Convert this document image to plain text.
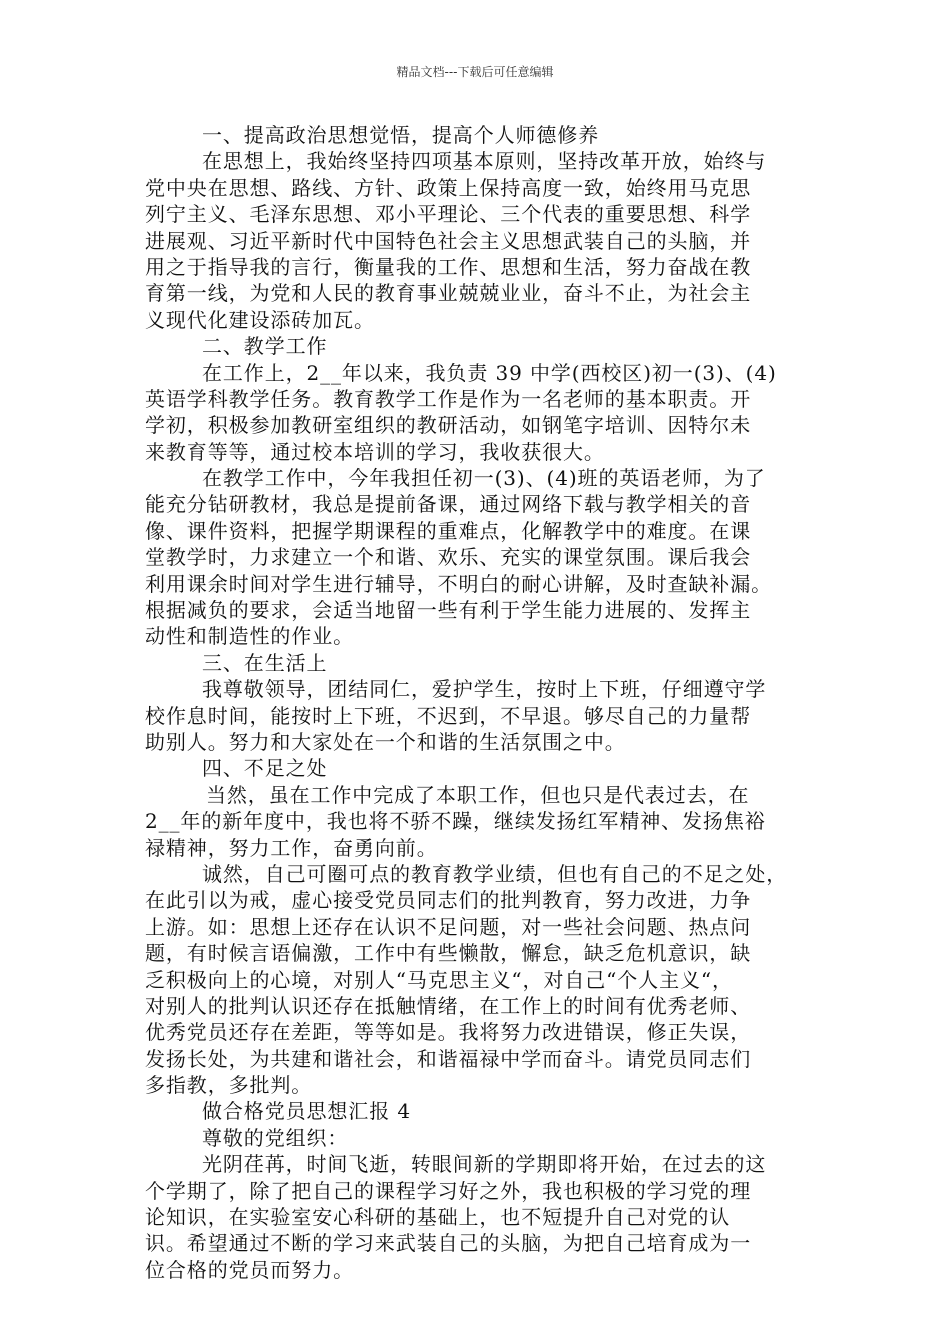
精品文档---下载后可任意编辑
一、提高政治思想觉悟，提高个人师德修养
在思想上，我始终坚持四项基本原则，坚持改革开放，始终与
党中央在思想、路线、方针、政策上保持高度一致，始终用马克思
列宁主义、毛泽东思想、邓小平理论、三个代表的重要思想、科学
进展观、习近平新时代中国特色社会主义思想武装自己的头脑，并
用之于指导我的言行，衡量我的工作、思想和生活，努力奋战在教
育第一线，为党和人民的教育事业兢兢业业，奋斗不止，为社会主
义现代化建设添砖加瓦。
二、教学工作
在工作上，2__年以来，我负责 39 中学(西校区)初一(3)、(4)
英语学科教学任务。教育教学工作是作为一名老师的基本职责。开
学初，积极参加教研室组织的教研活动，如钢笔字培训、因特尔未
来教育等等，通过校本培训的学习，我收获很大。
在教学工作中，今年我担任初一(3)、(4)班的英语老师，为了
能充分钻研教材，我总是提前备课，通过网络下载与教学相关的音
像、课件资料，把握学期课程的重难点，化解教学中的难度。在课
堂教学时，力求建立一个和谐、欢乐、充实的课堂氛围。课后我会
利用课余时间对学生进行辅导，不明白的耐心讲解，及时查缺补漏。
根据减负的要求，会适当地留一些有利于学生能力进展的、发挥主
动性和制造性的作业。
三、在生活上
我尊敬领导，团结同仁，爱护学生，按时上下班，仔细遵守学
校作息时间，能按时上下班，不迟到，不早退。够尽自己的力量帮
助别人。努力和大家处在一个和谐的生活氛围之中。
四、不足之处
当然，虽在工作中完成了本职工作，但也只是代表过去，在
2__年的新年度中，我也将不骄不躁，继续发扬红军精神、发扬焦裕
禄精神，努力工作，奋勇向前。
诚然，自己可圈可点的教育教学业绩，但也有自己的不足之处，
在此引以为戒，虚心接受党员同志们的批判教育，努力改进，力争
上游。如：思想上还存在认识不足问题，对一些社会问题、热点问
题，有时候言语偏激，工作中有些懒散，懈怠，缺乏危机意识，缺
乏积极向上的心境，对别人“马克思主义“，对自己“个人主义“，
对别人的批判认识还存在抵触情绪，在工作上的时间有优秀老师、
优秀党员还存在差距，等等如是。我将努力改进错误，修正失误，
发扬长处，为共建和谐社会，和谐福禄中学而奋斗。请党员同志们
多指教，多批判。
做合格党员思想汇报 4
尊敬的党组织：
光阴荏苒，时间飞逝，转眼间新的学期即将开始，在过去的这
个学期了，除了把自己的课程学习好之外，我也积极的学习党的理
论知识，在实验室安心科研的基础上，也不短提升自己对党的认
识。希望通过不断的学习来武装自己的头脑，为把自己培育成为一
位合格的党员而努力。
